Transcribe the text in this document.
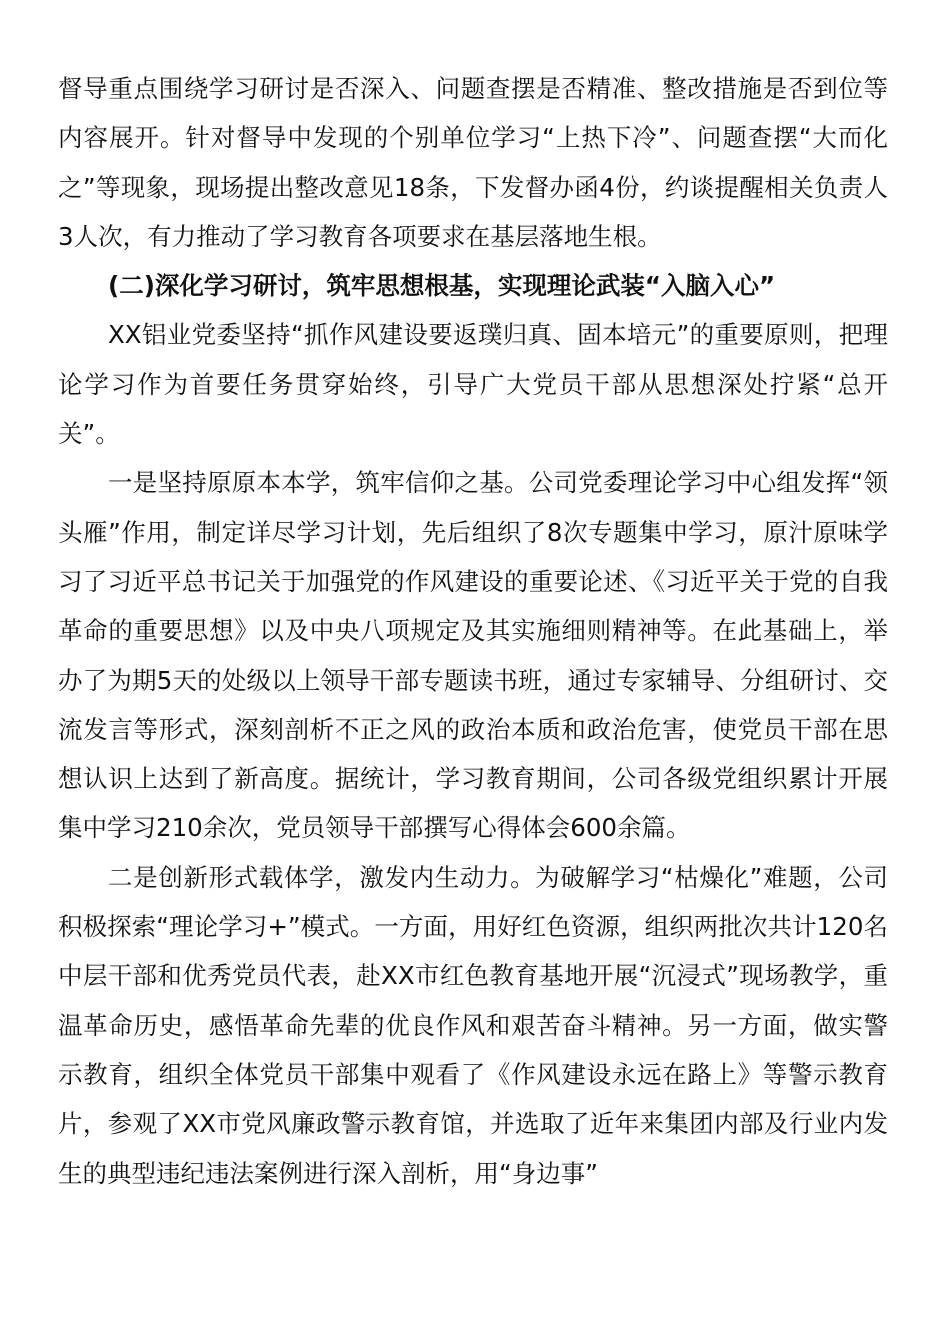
督导重点围绕学习研讨是否深入、问题查摆是否精准、整改措施是否到位等内容展开。针对督导中发现的个别单位学习“上热下冷”、问题查摆“大而化之”等现象，现场提出整改意见18条，下发督办函4份，约谈提醒相关负责人3人次，有力推动了学习教育各项要求在基层落地生根。

(二)深化学习研讨，筑牢思想根基，实现理论武装“入脑入心”

XX铝业党委坚持“抓作风建设要返璞归真、固本培元”的重要原则，把理论学习作为首要任务贯穿始终，引导广大党员干部从思想深处拧紧“总开关”。

一是坚持原原本本学，筑牢信仰之基。公司党委理论学习中心组发挥“领头雁”作用，制定详尽学习计划，先后组织了8次专题集中学习，原汁原味学习了习近平总书记关于加强党的作风建设的重要论述、《习近平关于党的自我革命的重要思想》以及中央八项规定及其实施细则精神等。在此基础上，举办了为期5天的处级以上领导干部专题读书班，通过专家辅导、分组研讨、交流发言等形式，深刻剖析不正之风的政治本质和政治危害，使党员干部在思想认识上达到了新高度。据统计，学习教育期间，公司各级党组织累计开展集中学习210余次，党员领导干部撰写心得体会600余篇。

二是创新形式载体学，激发内生动力。为破解学习“枯燥化”难题，公司积极探索“理论学习+”模式。一方面，用好红色资源，组织两批次共计120名中层干部和优秀党员代表，赴XX市红色教育基地开展“沉浸式”现场教学，重温革命历史，感悟革命先辈的优良作风和艰苦奋斗精神。另一方面，做实警示教育，组织全体党员干部集中观看了《作风建设永远在路上》等警示教育片，参观了XX市党风廉政警示教育馆，并选取了近年来集团内部及行业内发生的典型违纪违法案例进行深入剖析，用“身边事”
